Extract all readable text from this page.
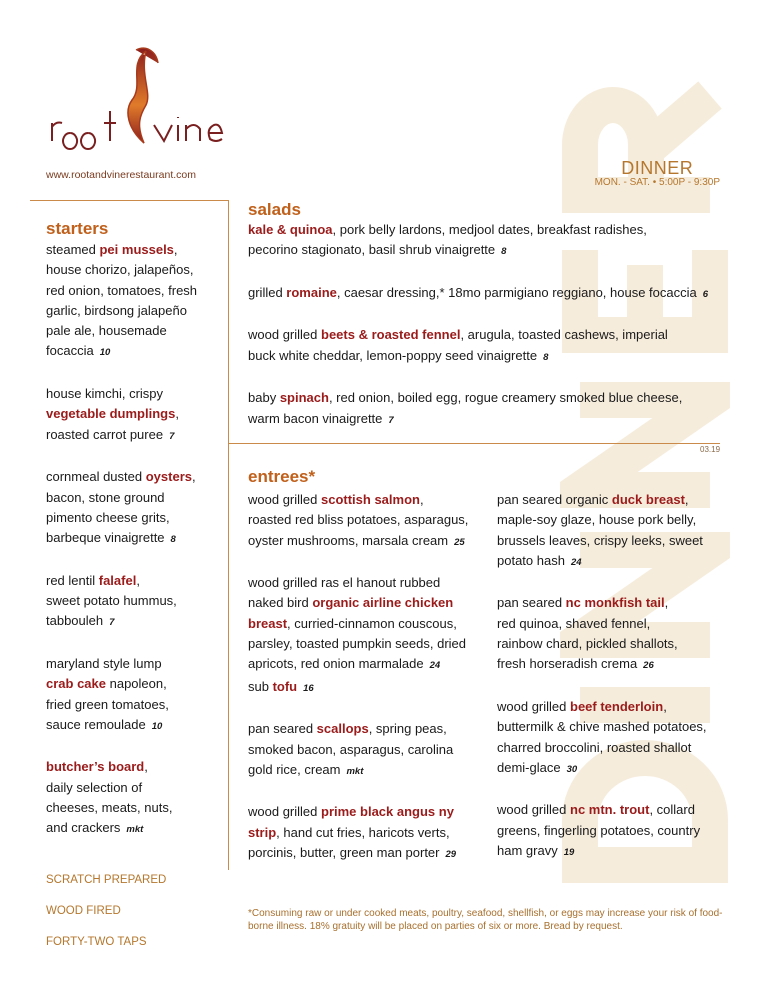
www.rootandvinerestaurant.com	DINNER
MON. - SAT. • 5:00P - 9:30P
03.19
starters
steamed pei mussels,
house chorizo, jalapeños,
red onion, tomatoes, fresh
garlic, birdsong jalapeño
pale ale, housemade
focaccia 10
house kimchi, crispy
vegetable dumplings,
roasted carrot puree 7
cornmeal dusted oysters,
bacon, stone ground
pimento cheese grits,
barbeque vinaigrette 8
red lentil falafel,
sweet potato hummus,
tabbouleh 7
maryland style lump
crab cake napoleon,
fried green tomatoes,
sauce remoulade 10
butcher’s board,
daily selection of
cheeses, meats, nuts,
and crackers mkt
salads
kale & quinoa, pork belly lardons, medjool dates, breakfast radishes,
pecorino stagionato, basil shrub vinaigrette 8
grilled romaine, caesar dressing,* 18mo parmigiano reggiano, house focaccia 6
wood grilled beets & roasted fennel, arugula, toasted cashews, imperial
buck white cheddar, lemon-poppy seed vinaigrette 8
baby spinach, red onion, boiled egg, rogue creamery smoked blue cheese,
warm bacon vinaigrette 7
entrees*
wood grilled scottish salmon,
roasted red bliss potatoes, asparagus,
oyster mushrooms, marsala cream 25
wood grilled ras el hanout rubbed
naked bird organic airline chicken
breast, curried-cinnamon couscous,
parsley, toasted pumpkin seeds, dried
apricots, red onion marmalade 24
sub tofu 16
pan seared scallops, spring peas,
smoked bacon, asparagus, carolina
gold rice, cream mkt
wood grilled prime black angus ny
strip, hand cut fries, haricots verts,
porcinis, butter, green man porter 29
pan seared organic duck breast,
maple-soy glaze, house pork belly,
brussels leaves, crispy leeks, sweet
potato hash 24
pan seared nc monkfish tail,
red quinoa, shaved fennel,
rainbow chard, pickled shallots,
fresh horseradish crema 26
wood grilled beef tenderloin,
buttermilk & chive mashed potatoes,
charred broccolini, roasted shallot
demi-glace 30
wood grilled nc mtn. trout, collard
greens, fingerling potatoes, country
ham gravy 19
SCRATCH PREPARED
WOOD FIRED
FORTY-TWO TAPS
*Consuming raw or under cooked meats, poultry, seafood, shellfish, or eggs may increase your risk of food-borne illness. 18% gratuity will be placed on parties of six or more. Bread by request.
